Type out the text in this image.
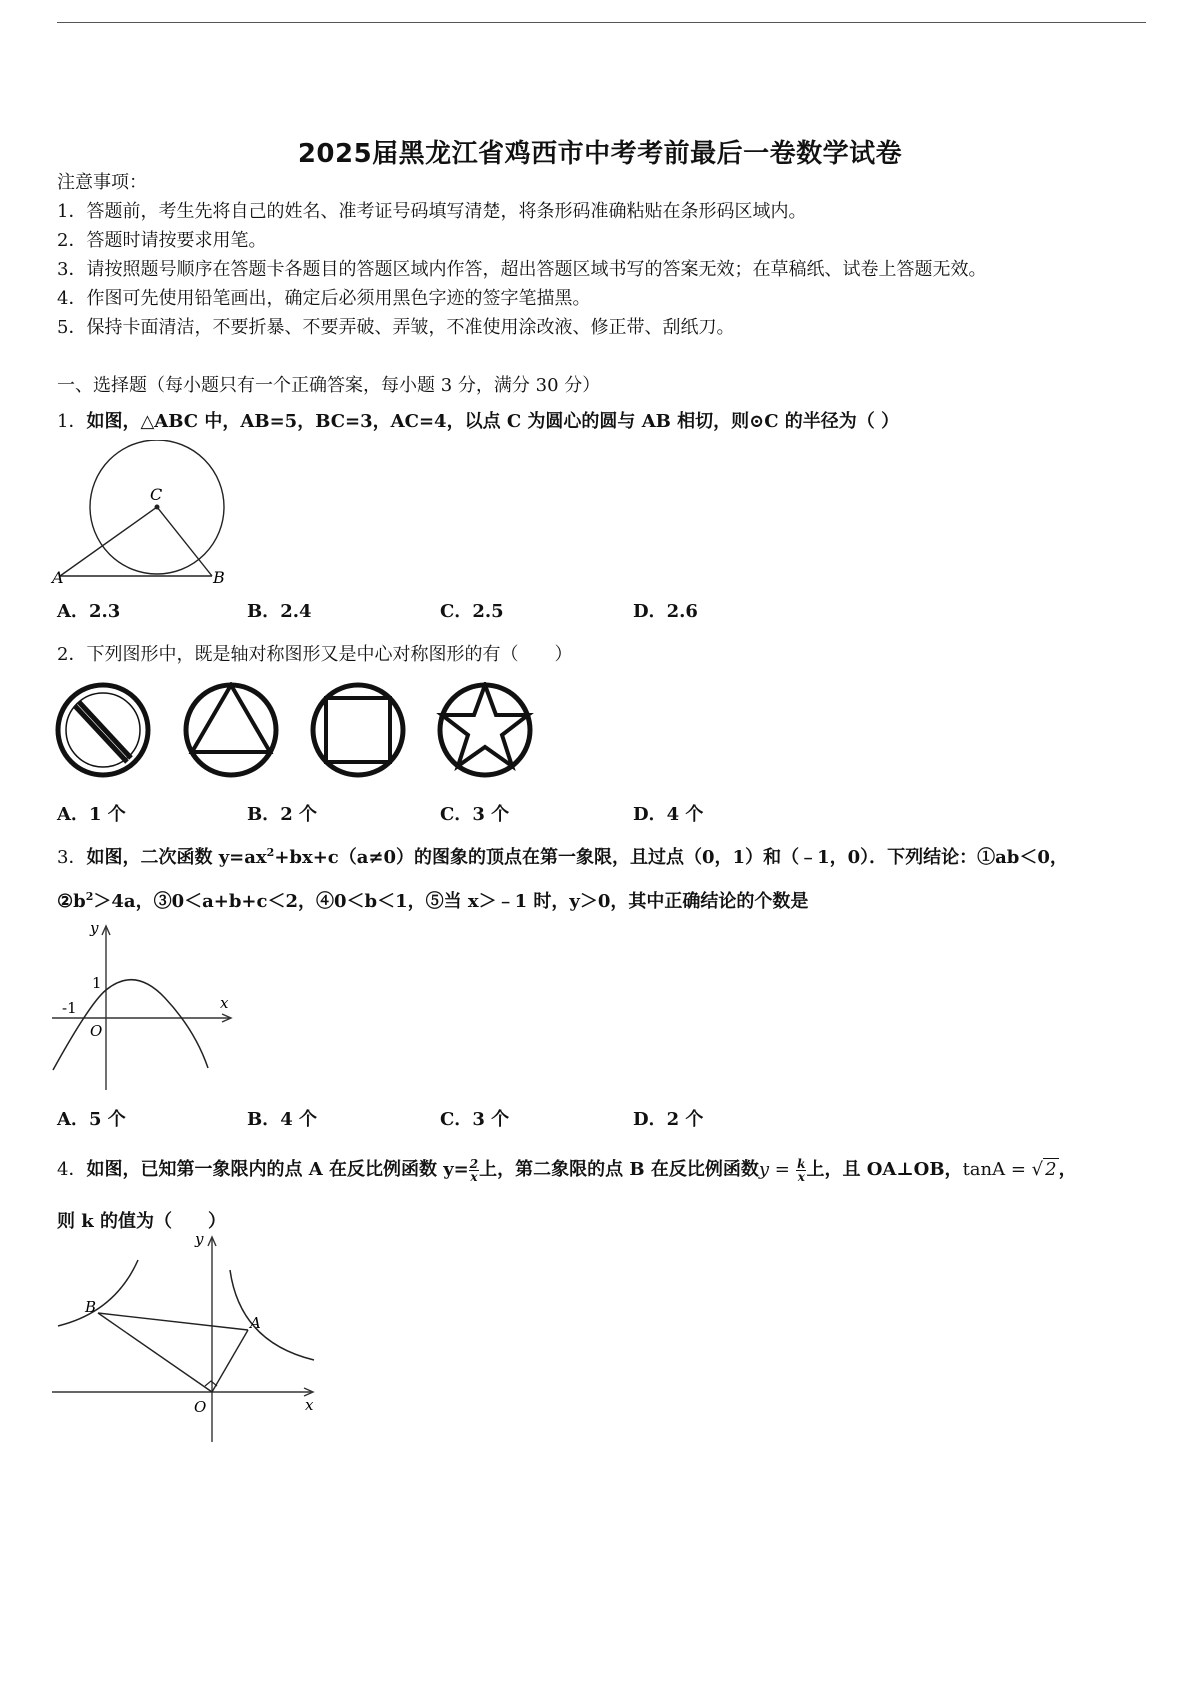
2025届黑龙江省鸡西市中考考前最后一卷数学试卷
注意事项：
1．答题前，考生先将自己的姓名、准考证号码填写清楚，将条形码准确粘贴在条形码区域内。
2．答题时请按要求用笔。
3．请按照题号顺序在答题卡各题目的答题区域内作答，超出答题区域书写的答案无效；在草稿纸、试卷上答题无效。
4．作图可先使用铅笔画出，确定后必须用黑色字迹的签字笔描黑。
5．保持卡面清洁，不要折暴、不要弄破、弄皱，不准使用涂改液、修正带、刮纸刀。
一、选择题（每小题只有一个正确答案，每小题 3 分，满分 30 分）
1．如图，△ABC 中，AB=5，BC=3，AC=4，以点 C 为圆心的圆与 AB 相切，则⊙C 的半径为（ ）
C
A	B
A．2.3	B．2.4	C．2.5	D．2.6
2．下列图形中，既是轴对称图形又是中心对称图形的有（　　）
A．1 个	B．2 个	C．3 个	D．4 个
3．如图，二次函数 $y=ax^2+bx+c(a\ne 0)$的图象的顶点在第一象限，且过点（0，1）和（﹣1，0）．下列结论：①ab＜0，
$②b^2>4a$，③0＜a+b+c＜2，④0＜b＜1，⑤当 x＞﹣1 时，y＞0，其中正确结论的个数是
y
x
1
-1
O
A．5 个	B．4 个	C．3 个	D．2 个
4．如图，已知第一象限内的点 A 在反比例函数 $y= \frac{2}{x}$ 上，第二象限的点 B 在反比例函数$y = \frac{k}{x}$ 上，且 OA⊥OB，tanA = √ 2 ，
则 k 的值为（　　）
y
x
A
B
O
